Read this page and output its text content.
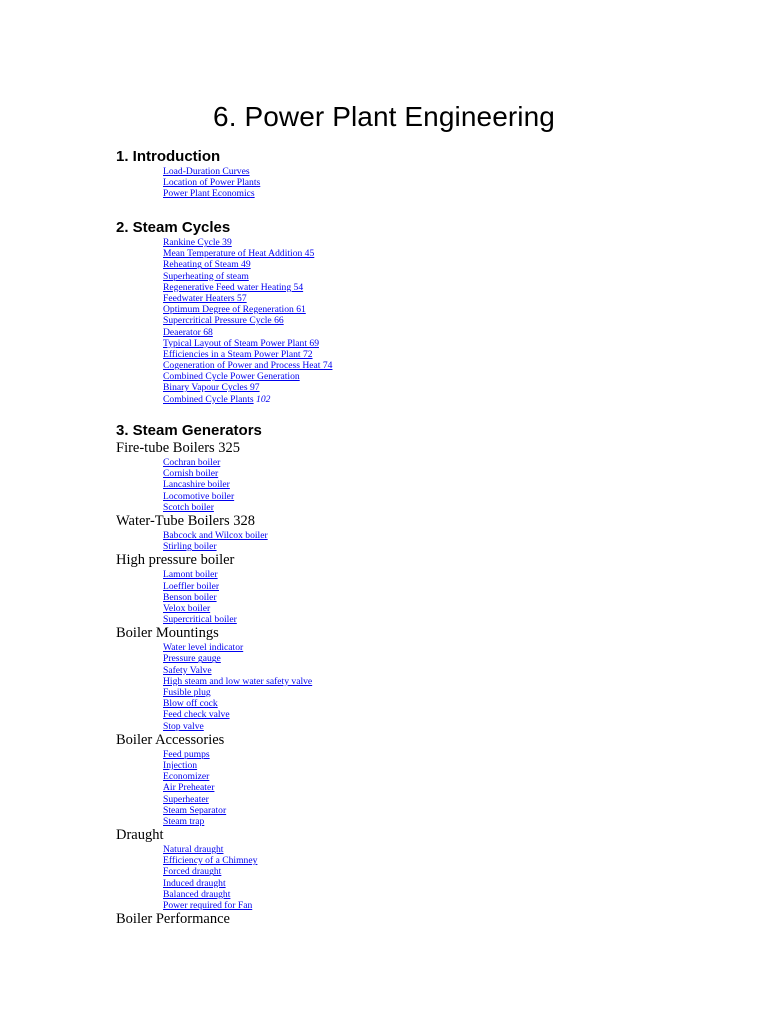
6. Power Plant Engineering
1. Introduction
Load-Duration Curves
Location of Power Plants
Power Plant Economics
2. Steam Cycles
Rankine Cycle 39
Mean Temperature of Heat Addition 45
Reheating of Steam 49
Superheating of steam
Regenerative Feed water Heating 54
Feedwater Heaters 57
Optimum Degree of Regeneration 61
Supercritical Pressure Cycle 66
Deaerator 68
Typical Layout of Steam Power Plant 69
Efficiencies in a Steam Power Plant 72
Cogeneration of Power and Process Heat 74
Combined Cycle Power Generation
Binary Vapour Cycles 97
Combined Cycle Plants 102
3. Steam Generators
Fire-tube Boilers 325
Cochran boiler
Cornish boiler
Lancashire boiler
Locomotive boiler
Scotch boiler
Water-Tube Boilers 328
Babcock and Wilcox boiler
Stirling boiler
High pressure boiler
Lamont boiler
Loeffler boiler
Benson boiler
Velox boiler
Supercritical boiler
Boiler Mountings
Water level indicator
Pressure gauge
Safety Valve
High steam and low water safety valve
Fusible plug
Blow off cock
Feed check valve
Stop valve
Boiler Accessories
Feed pumps
Injection
Economizer
Air Preheater
Superheater
Steam Separator
Steam trap
Draught
Natural draught
Efficiency of a Chimney
Forced draught
Induced draught
Balanced draught
Power required for Fan
Boiler Performance
